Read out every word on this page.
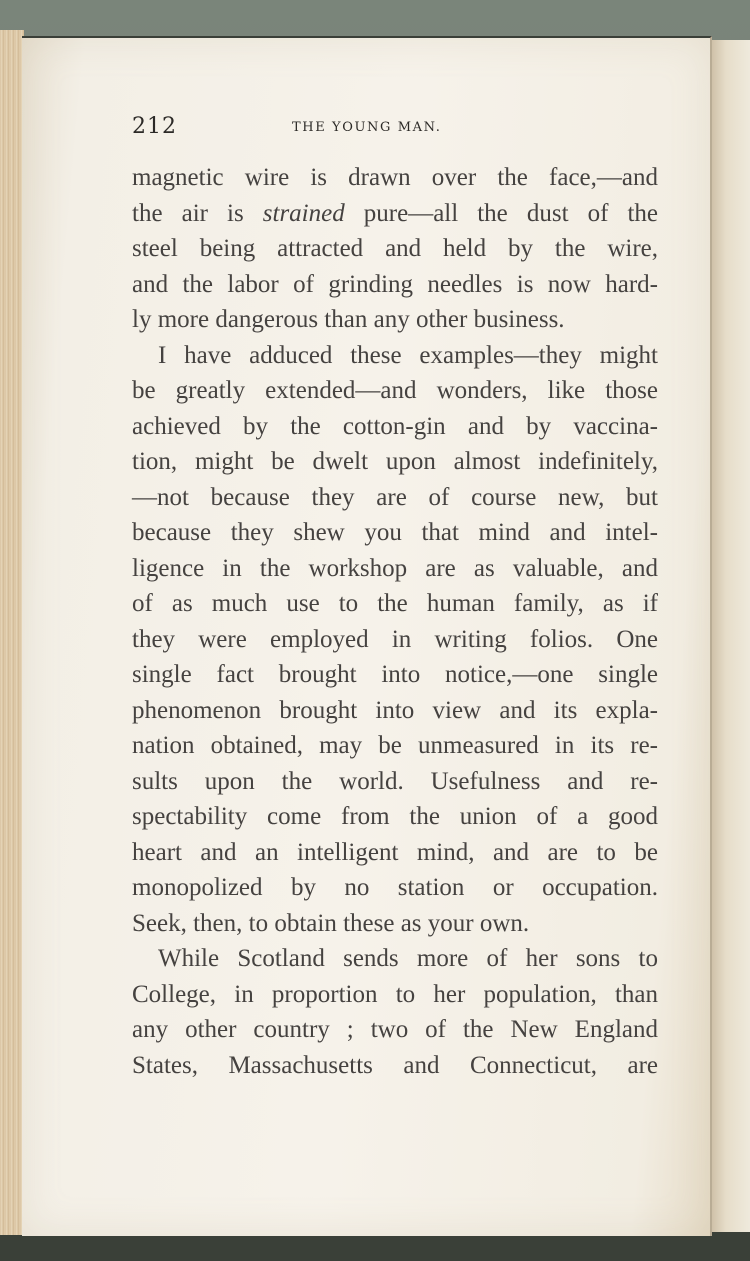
212	THE YOUNG MAN.
magnetic wire is drawn over the face,—and
the air is strained pure—all the dust of the
steel being attracted and held by the wire,
and the labor of grinding needles is now hard-
ly more dangerous than any other business.
I have adduced these examples—they might
be greatly extended—and wonders, like those
achieved by the cotton-gin and by vaccina-
tion, might be dwelt upon almost indefinitely,
—not because they are of course new, but
because they shew you that mind and intel-
ligence in the workshop are as valuable, and
of as much use to the human family, as if
they were employed in writing folios. One
single fact brought into notice,—one single
phenomenon brought into view and its expla-
nation obtained, may be unmeasured in its re-
sults upon the world. Usefulness and re-
spectability come from the union of a good
heart and an intelligent mind, and are to be
monopolized by no station or occupation.
Seek, then, to obtain these as your own.
While Scotland sends more of her sons to
College, in proportion to her population, than
any other country ; two of the New England
States, Massachusetts and Connecticut, are
